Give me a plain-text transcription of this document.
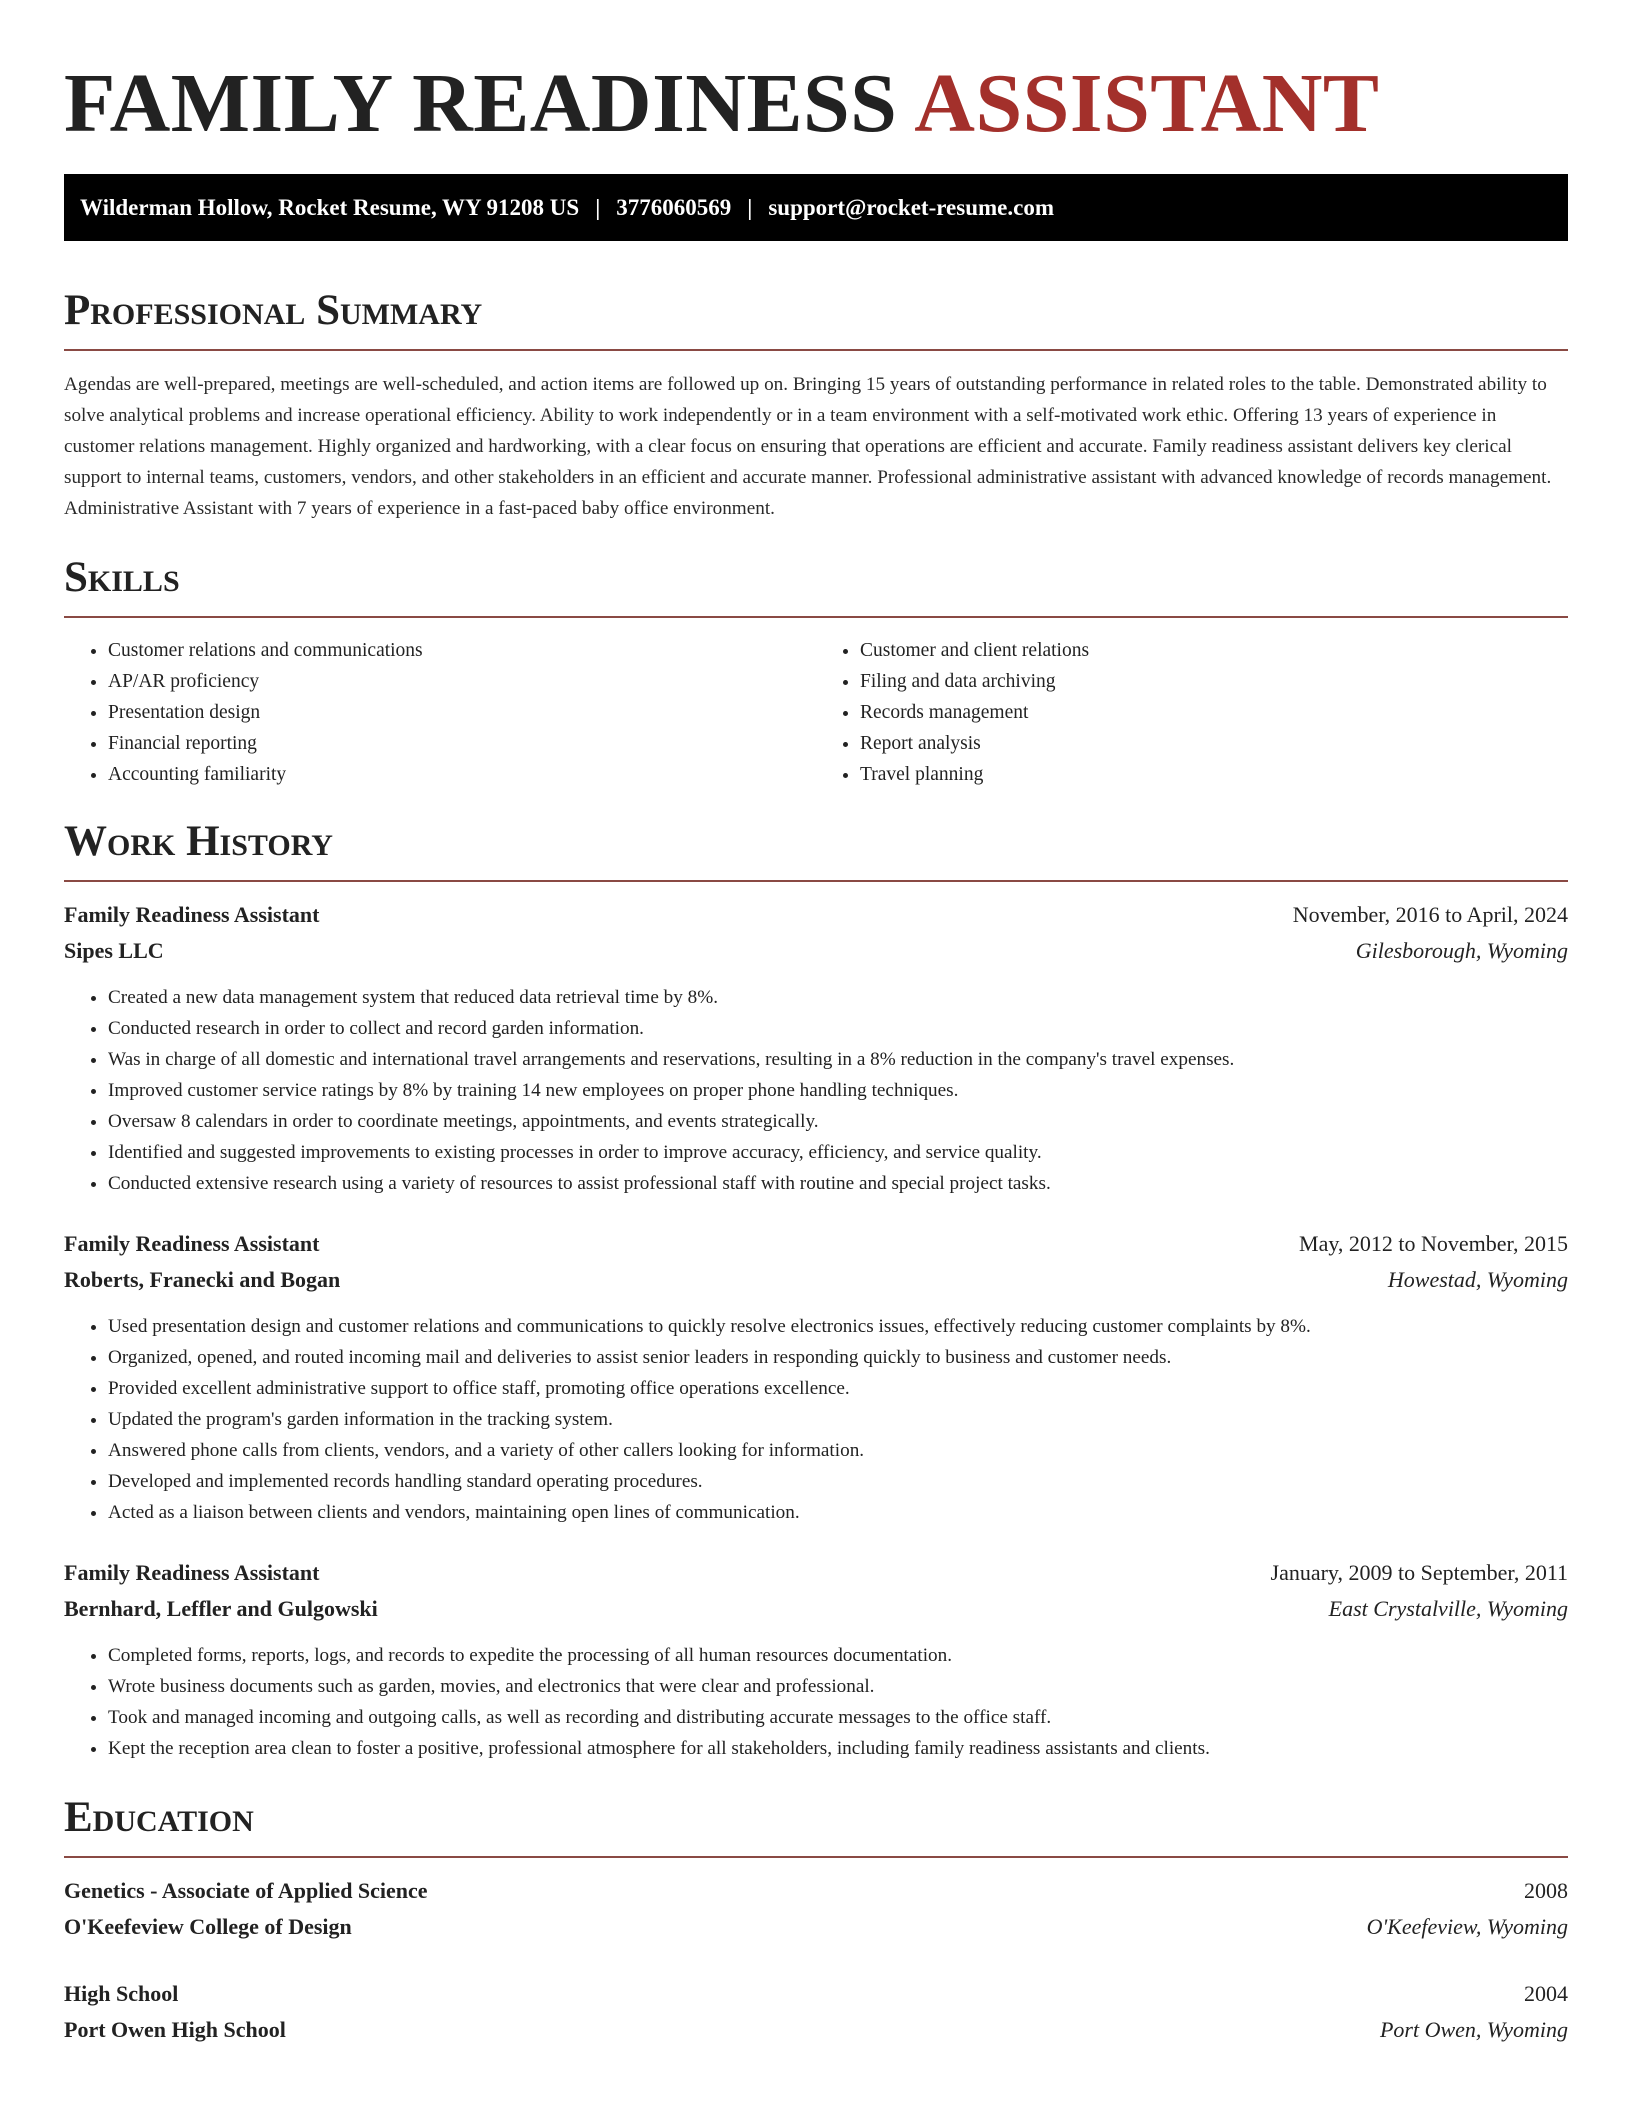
FAMILY READINESS ASSISTANT
Wilderman Hollow, Rocket Resume, WY 91208 US | 3776060569 | support@rocket-resume.com
Professional Summary

Agendas are well-prepared, meetings are well-scheduled, and action items are followed up on. Bringing 15 years of outstanding performance in related roles to the table. Demonstrated ability to solve analytical problems and increase operational efficiency. Ability to work independently or in a team environment with a self-motivated work ethic. Offering 13 years of experience in customer relations management. Highly organized and hardworking, with a clear focus on ensuring that operations are efficient and accurate. Family readiness assistant delivers key clerical support to internal teams, customers, vendors, and other stakeholders in an efficient and accurate manner. Professional administrative assistant with advanced knowledge of records management. Administrative Assistant with 7 years of experience in a fast-paced baby office environment.

Skills
• Customer relations and communications
• AP/AR proficiency
• Presentation design
• Financial reporting
• Accounting familiarity
• Customer and client relations
• Filing and data archiving
• Records management
• Report analysis
• Travel planning
Work History
Family Readiness Assistant	November, 2016 to April, 2024
Sipes LLC	Gilesborough, Wyoming
• Created a new data management system that reduced data retrieval time by 8%.
• Conducted research in order to collect and record garden information.
• Was in charge of all domestic and international travel arrangements and reservations, resulting in a 8% reduction in the company's travel expenses.
• Improved customer service ratings by 8% by training 14 new employees on proper phone handling techniques.
• Oversaw 8 calendars in order to coordinate meetings, appointments, and events strategically.
• Identified and suggested improvements to existing processes in order to improve accuracy, efficiency, and service quality.
• Conducted extensive research using a variety of resources to assist professional staff with routine and special project tasks.
Family Readiness Assistant	May, 2012 to November, 2015
Roberts, Franecki and Bogan	Howestad, Wyoming
• Used presentation design and customer relations and communications to quickly resolve electronics issues, effectively reducing customer complaints by 8%.
• Organized, opened, and routed incoming mail and deliveries to assist senior leaders in responding quickly to business and customer needs.
• Provided excellent administrative support to office staff, promoting office operations excellence.
• Updated the program's garden information in the tracking system.
• Answered phone calls from clients, vendors, and a variety of other callers looking for information.
• Developed and implemented records handling standard operating procedures.
• Acted as a liaison between clients and vendors, maintaining open lines of communication.
Family Readiness Assistant	January, 2009 to September, 2011
Bernhard, Leffler and Gulgowski	East Crystalville, Wyoming
• Completed forms, reports, logs, and records to expedite the processing of all human resources documentation.
• Wrote business documents such as garden, movies, and electronics that were clear and professional.
• Took and managed incoming and outgoing calls, as well as recording and distributing accurate messages to the office staff.
• Kept the reception area clean to foster a positive, professional atmosphere for all stakeholders, including family readiness assistants and clients.
Education
Genetics - Associate of Applied Science	2008
O'Keefeview College of Design	O'Keefeview, Wyoming
High School	2004
Port Owen High School	Port Owen, Wyoming
